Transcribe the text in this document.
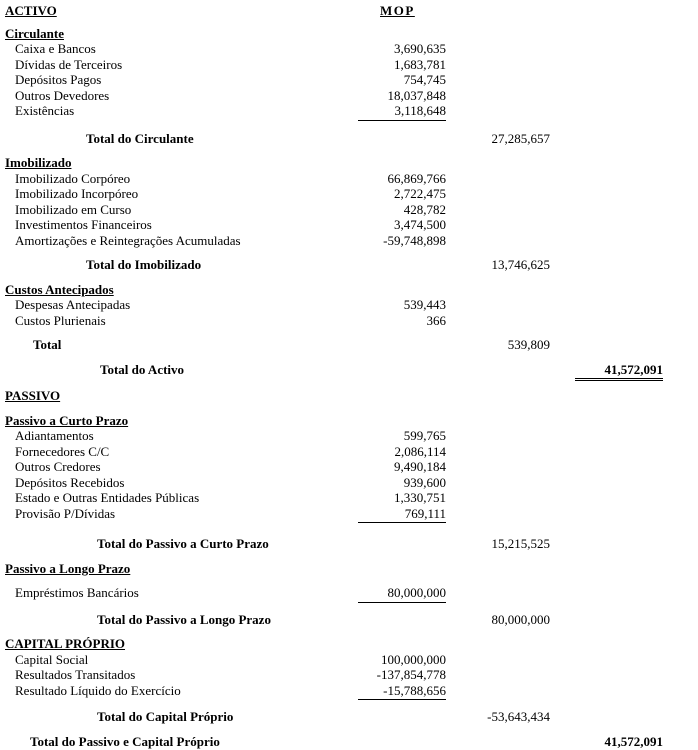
ACTIVO	MOP
Circulante
Caixa e Bancos	3,690,635
Dívidas de Terceiros	1,683,781
Depósitos Pagos	754,745
Outros Devedores	18,037,848
Existências	3,118,648
Total do Circulante	27,285,657
Imobilizado
Imobilizado Corpóreo	66,869,766
Imobilizado Incorpóreo	2,722,475
Imobilizado em Curso	428,782
Investimentos Financeiros	3,474,500
Amortizações e Reintegrações Acumuladas	-59,748,898
Total do Imobilizado	13,746,625
Custos Antecipados
Despesas Antecipadas	539,443
Custos Plurienais	366
Total	539,809
Total do Activo	41,572,091
PASSIVO
Passivo a Curto Prazo
Adiantamentos	599,765
Fornecedores C/C	2,086,114
Outros Credores	9,490,184
Depósitos Recebidos	939,600
Estado e Outras Entidades Públicas	1,330,751
Provisão P/Dívidas	769,111
Total do Passivo a Curto Prazo	15,215,525
Passivo a Longo Prazo
Empréstimos Bancários	80,000,000
Total do Passivo a Longo Prazo	80,000,000
CAPITAL PRÓPRIO
Capital Social	100,000,000
Resultados Transitados	-137,854,778
Resultado Líquido do Exercício	-15,788,656
Total do Capital Próprio	-53,643,434
Total do Passivo e Capital Próprio	41,572,091
